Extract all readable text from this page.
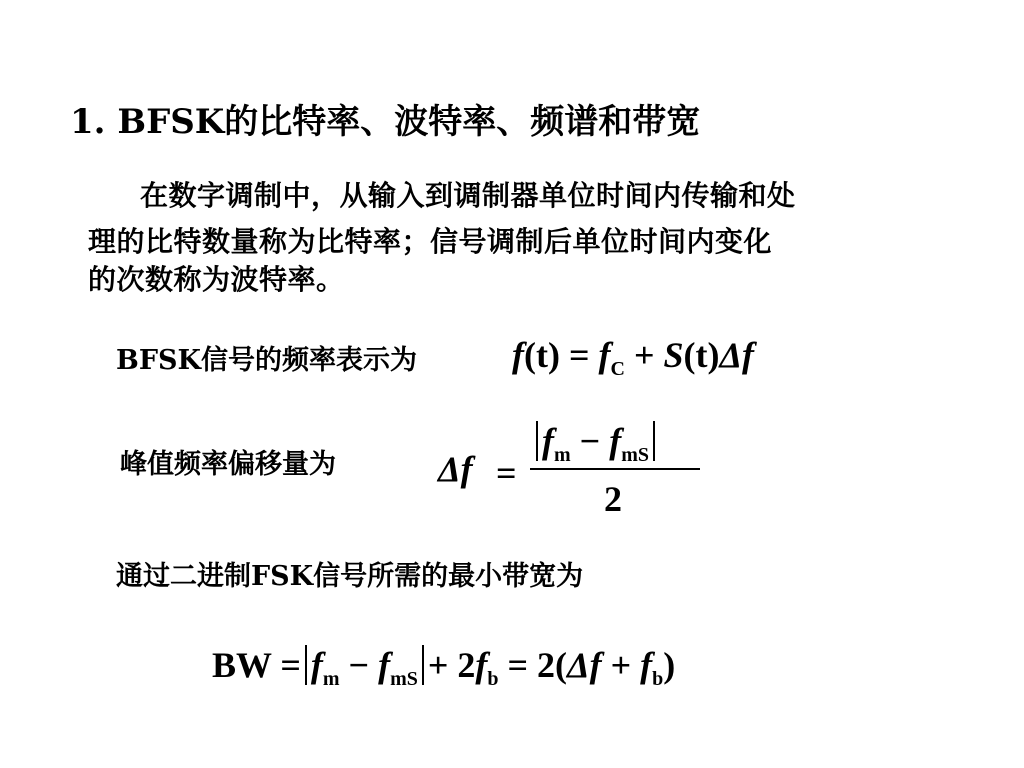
1. BFSK的比特率、波特率、频谱和带宽
在数字调制中，从输入到调制器单位时间内传输和处
理的比特数量称为比特率；信号调制后单位时间内变化
的次数称为波特率。
BFSK信号的频率表示为	$f(t) = f_C + S(t)\Delta f$
峰值频率偏移量为	Δf =
$f_m - f_{mS}$
2
通过二进制FSK信号所需的最小带宽为
BW = $f_m - f_{mS} + 2f_b = 2(\Delta f + f_b)$
